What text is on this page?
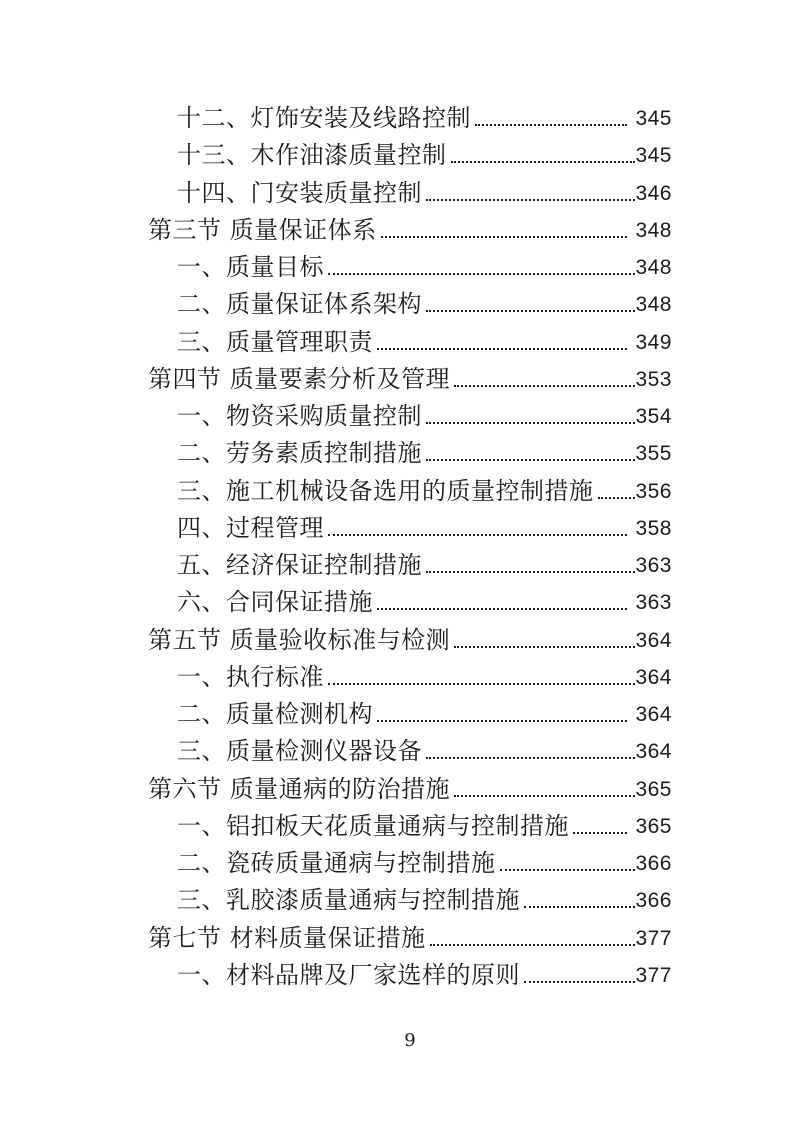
十二、灯饰安装及线路控制	345
十三、木作油漆质量控制	345
十四、门安装质量控制	346
第三节 质量保证体系	348
一、质量目标	348
二、质量保证体系架构	348
三、质量管理职责	349
第四节 质量要素分析及管理	353
一、物资采购质量控制	354
二、劳务素质控制措施	355
三、施工机械设备选用的质量控制措施 356
四、过程管理	358
五、经济保证控制措施	363
六、合同保证措施	363
第五节 质量验收标准与检测	364
一、执行标准	364
二、质量检测机构	364
三、质量检测仪器设备	364
第六节 质量通病的防治措施	365
一、铝扣板天花质量通病与控制措施	365
二、瓷砖质量通病与控制措施	366
三、乳胶漆质量通病与控制措施	366
第七节 材料质量保证措施	377
一、材料品牌及厂家选样的原则	377
9
